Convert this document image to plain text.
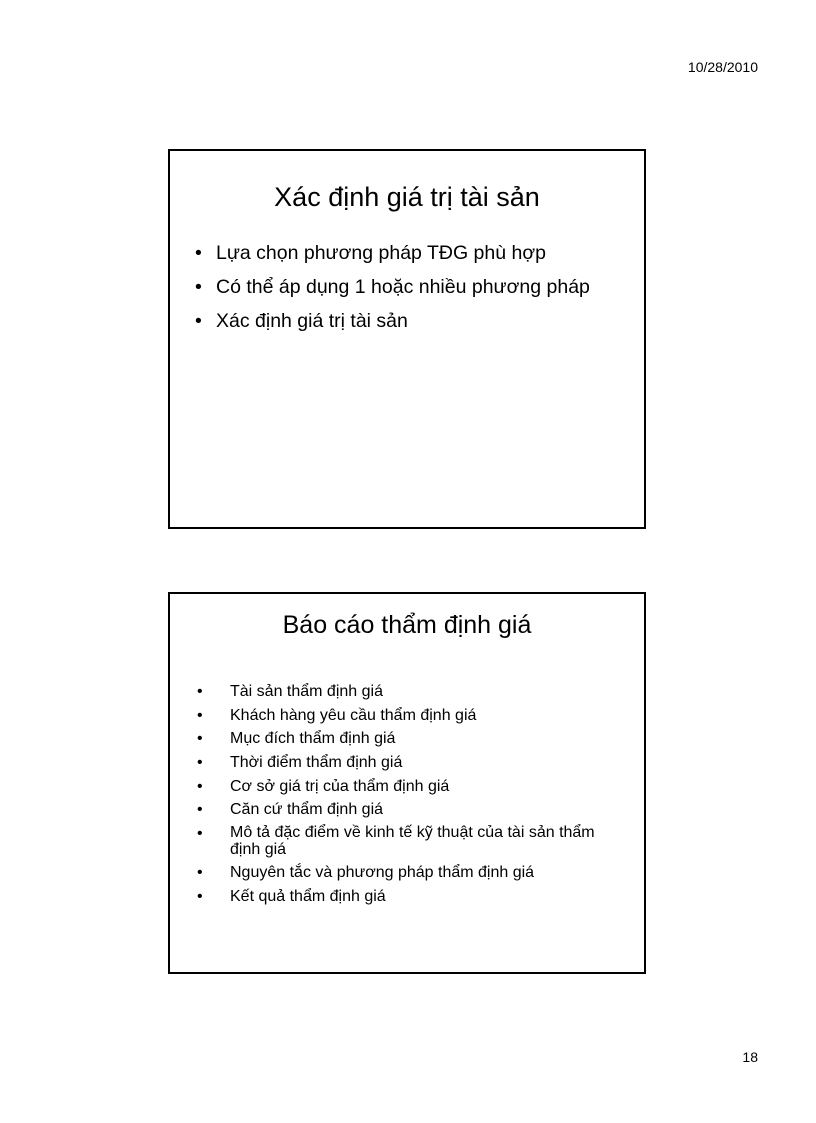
10/28/2010
Xác định giá trị tài sản
• Lựa chọn phương pháp TĐG phù hợp
• Có thể áp dụng 1 hoặc nhiều phương pháp
• Xác định giá trị tài sản
Báo cáo thẩm định giá
• Tài sản thẩm định giá
• Khách hàng yêu cầu thẩm định giá
• Mục đích thẩm định giá
• Thời điểm thẩm định giá
• Cơ sở giá trị của thẩm định giá
• Căn cứ thẩm định giá
• Mô tả đặc điểm về kinh tế kỹ thuật của tài sản thẩm định giá
• Nguyên tắc và phương pháp thẩm định giá
• Kết quả thẩm định giá
18
